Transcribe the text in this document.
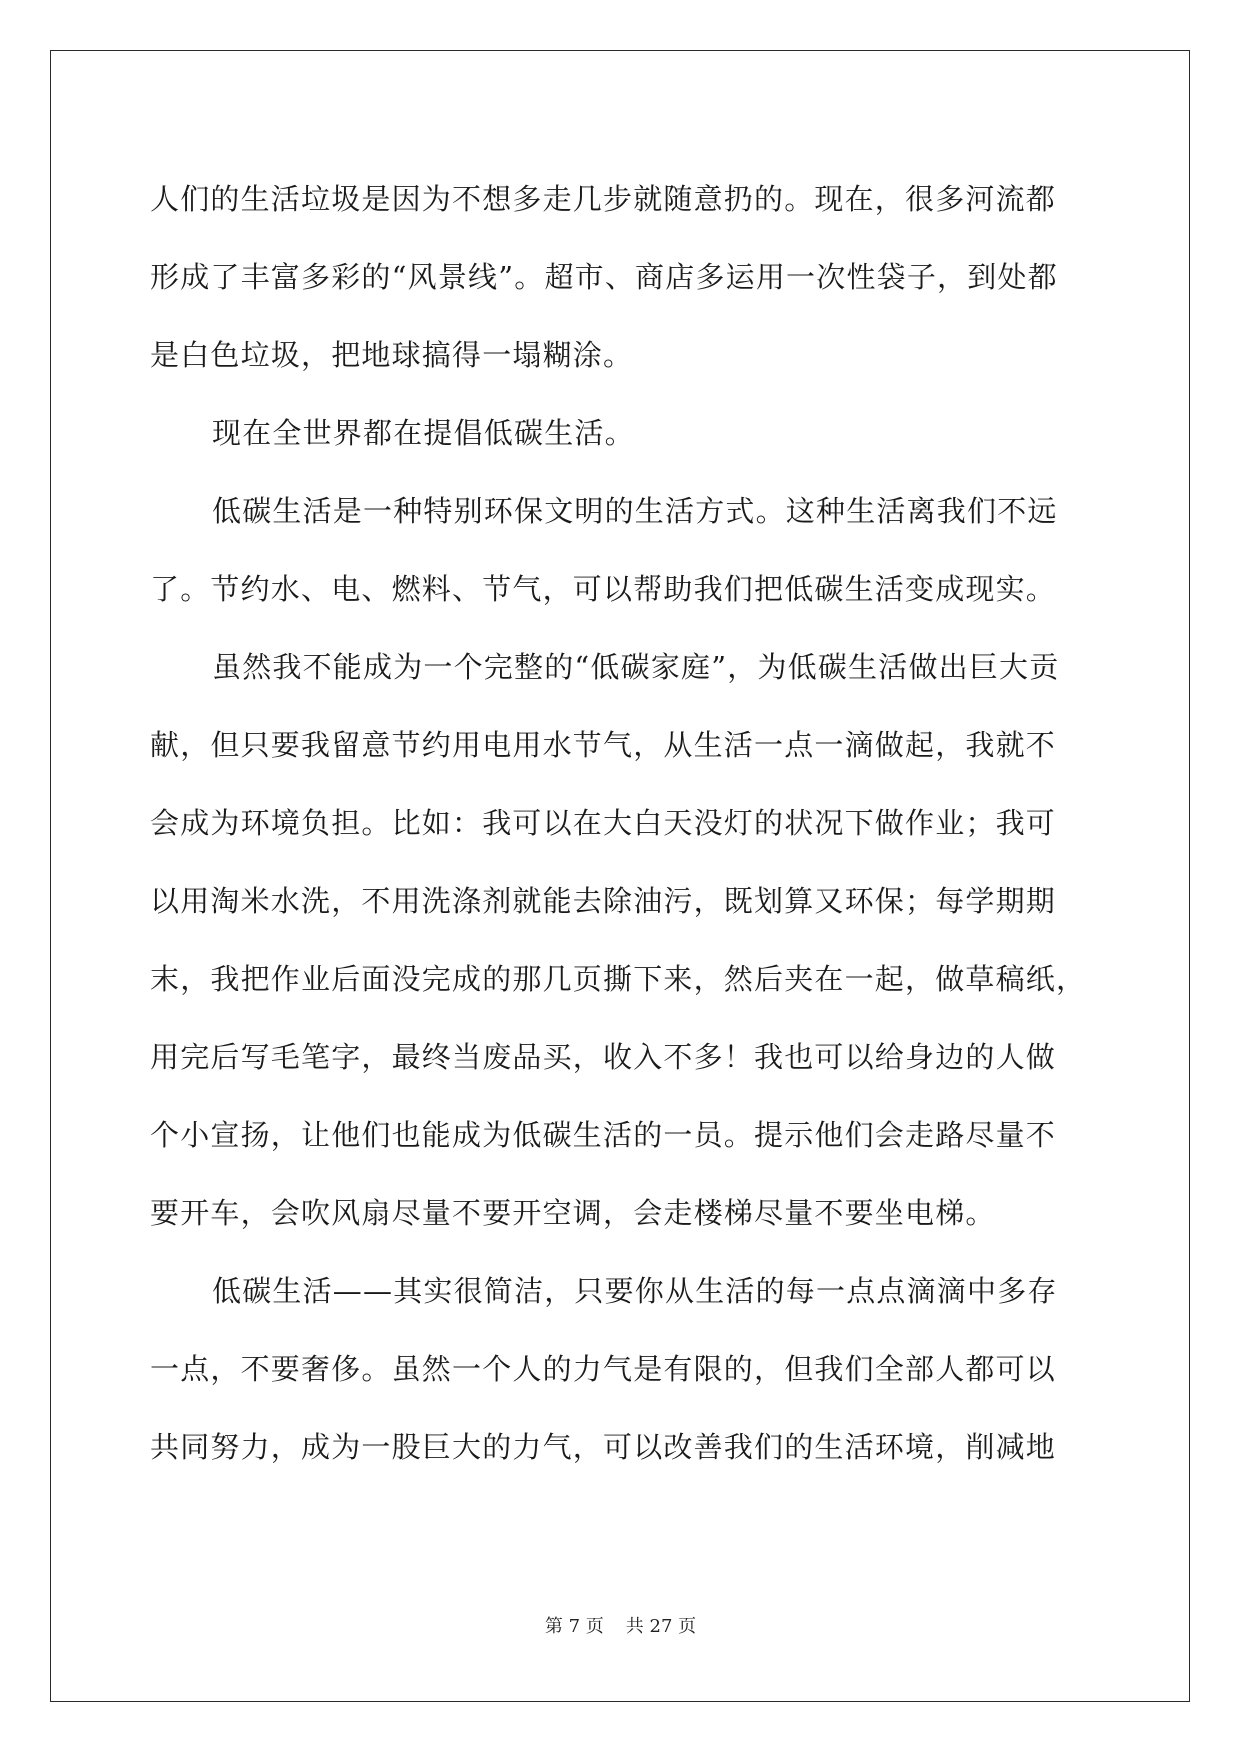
人们的生活垃圾是因为不想多走几步就随意扔的。现在，很多河流都
形成了丰富多彩的“风景线”。超市、商店多运用一次性袋子，到处都
是白色垃圾，把地球搞得一塌糊涂。
现在全世界都在提倡低碳生活。
低碳生活是一种特别环保文明的生活方式。这种生活离我们不远
了。节约水、电、燃料、节气，可以帮助我们把低碳生活变成现实。
虽然我不能成为一个完整的“低碳家庭”，为低碳生活做出巨大贡
献，但只要我留意节约用电用水节气，从生活一点一滴做起，我就不
会成为环境负担。比如：我可以在大白天没灯的状况下做作业；我可
以用淘米水洗，不用洗涤剂就能去除油污，既划算又环保；每学期期
末，我把作业后面没完成的那几页撕下来，然后夹在一起，做草稿纸，
用完后写毛笔字，最终当废品买，收入不多！我也可以给身边的人做
个小宣扬，让他们也能成为低碳生活的一员。提示他们会走路尽量不
要开车，会吹风扇尽量不要开空调，会走楼梯尽量不要坐电梯。
低碳生活——其实很简洁，只要你从生活的每一点点滴滴中多存
一点，不要奢侈。虽然一个人的力气是有限的，但我们全部人都可以
共同努力，成为一股巨大的力气，可以改善我们的生活环境，削减地
第 7 页 共 27 页
